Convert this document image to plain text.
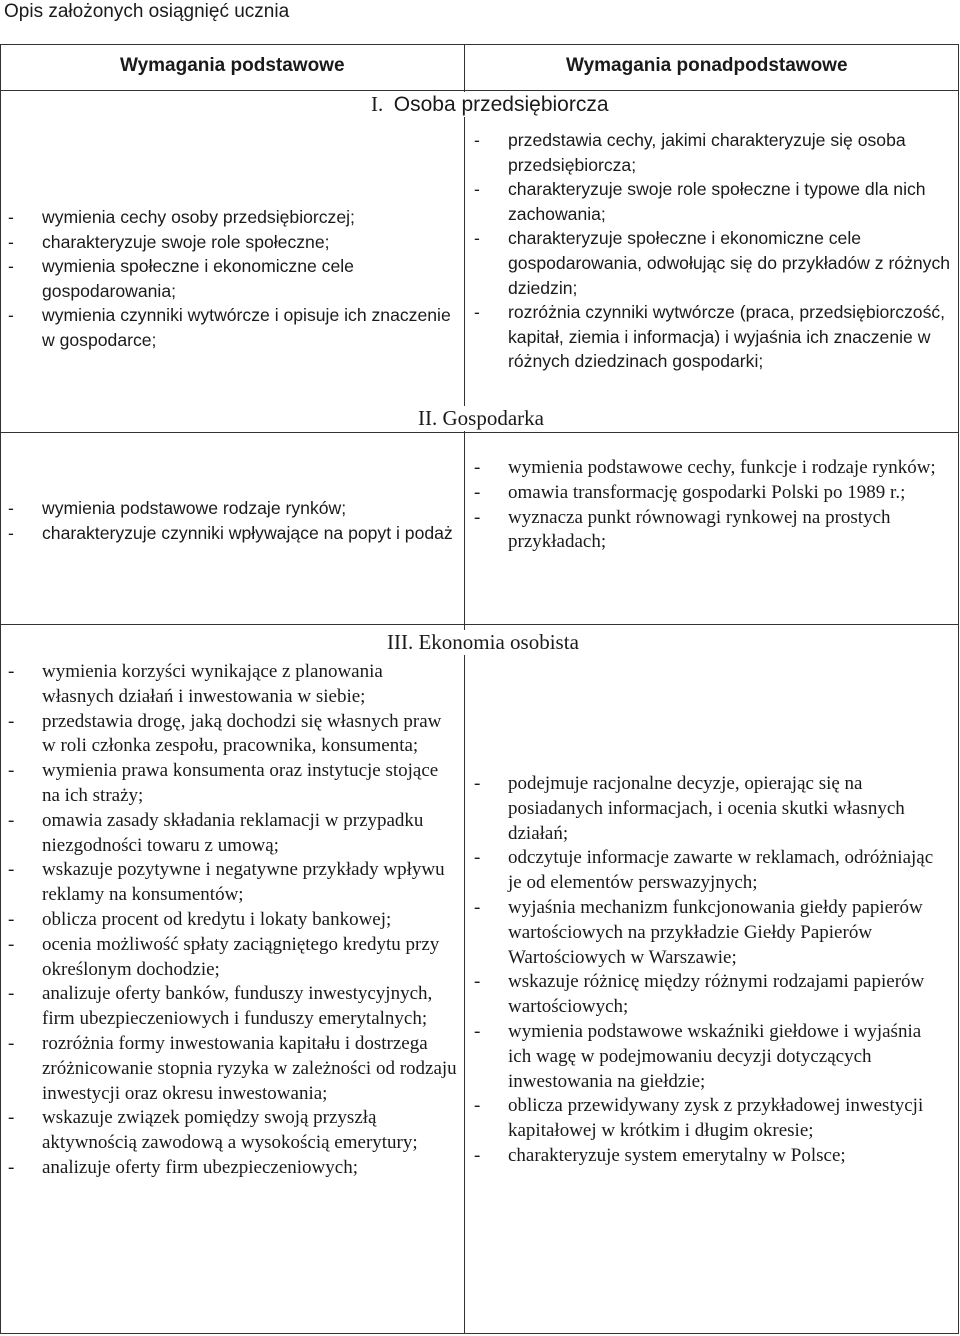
Opis założonych osiągnięć ucznia
Wymagania podstawowe	Wymagania ponadpodstawowe
I. Osoba przedsiębiorcza
II. Gospodarka
III. Ekonomia osobista
- wymienia cechy osoby przedsiębiorczej;
- charakteryzuje swoje role społeczne;
- wymienia społeczne i ekonomiczne cele gospodarowania;
- wymienia czynniki wytwórcze i opisuje ich znaczenie w gospodarce;
- przedstawia cechy, jakimi charakteryzuje się osoba przedsiębiorcza;
- charakteryzuje swoje role społeczne i typowe dla nich zachowania;
- charakteryzuje społeczne i ekonomiczne cele gospodarowania, odwołując się do przykładów z różnych dziedzin;
- rozróżnia czynniki wytwórcze (praca, przedsiębiorczość, kapitał, ziemia i informacja) i wyjaśnia ich znaczenie w różnych dziedzinach gospodarki;
- wymienia podstawowe rodzaje rynków;
- charakteryzuje czynniki wpływające na popyt i podaż
- wymienia podstawowe cechy, funkcje i rodzaje rynków;
- omawia transformację gospodarki Polski po 1989 r.;
- wyznacza punkt równowagi rynkowej na prostych przykładach;
- wymienia korzyści wynikające z planowania własnych działań i inwestowania w siebie;
- przedstawia drogę, jaką dochodzi się własnych praw w roli członka zespołu, pracownika, konsumenta;
- wymienia prawa konsumenta oraz instytucje stojące na ich straży;
- omawia zasady składania reklamacji w przypadku niezgodności towaru z umową;
- wskazuje pozytywne i negatywne przykłady wpływu reklamy na konsumentów;
- oblicza procent od kredytu i lokaty bankowej;
- ocenia możliwość spłaty zaciągniętego kredytu przy określonym dochodzie;
- analizuje oferty banków, funduszy inwestycyjnych, firm ubezpieczeniowych i funduszy emerytalnych;
- rozróżnia formy inwestowania kapitału i dostrzega zróżnicowanie stopnia ryzyka w zależności od rodzaju inwestycji oraz okresu inwestowania;
- wskazuje związek pomiędzy swoją przyszłą aktywnością zawodową a wysokością emerytury;
- analizuje oferty firm ubezpieczeniowych;
- podejmuje racjonalne decyzje, opierając się na posiadanych informacjach, i ocenia skutki własnych działań;
- odczytuje informacje zawarte w reklamach, odróżniając je od elementów perswazyjnych;
- wyjaśnia mechanizm funkcjonowania giełdy papierów wartościowych na przykładzie Giełdy Papierów Wartościowych w Warszawie;
- wskazuje różnicę między różnymi rodzajami papierów wartościowych;
- wymienia podstawowe wskaźniki giełdowe i wyjaśnia ich wagę w podejmowaniu decyzji dotyczących inwestowania na giełdzie;
- oblicza przewidywany zysk z przykładowej inwestycji kapitałowej w krótkim i długim okresie;
- charakteryzuje system emerytalny w Polsce;
